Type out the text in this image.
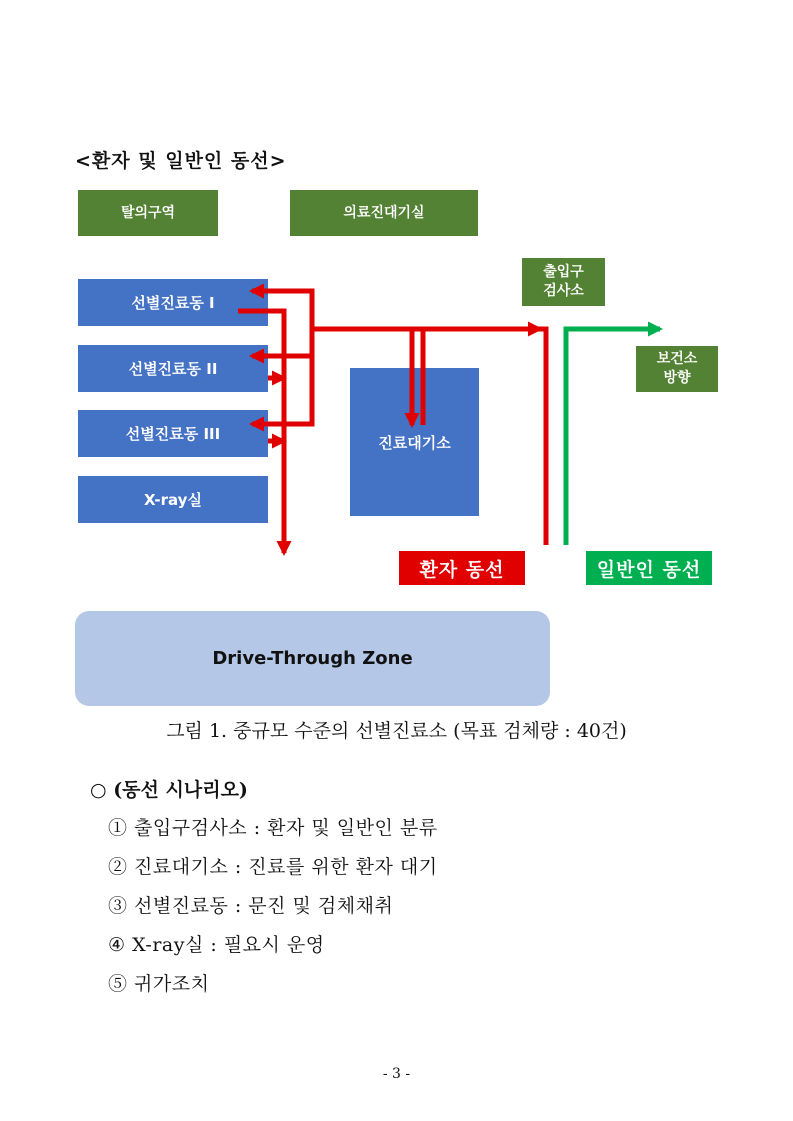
<환자 및 일반인 동선>
탈의구역	의료진대기실
출입구
검사소
보건소
방향
선별진료동 I
선별진료동 II
선별진료동 III
X-ray실
진료대기소
환자 동선	일반인 동선
Drive-Through Zone
그림 1. 중규모 수준의 선별진료소 (목표 검체량 : 40건)
○ (동선 시나리오)
① 출입구검사소 : 환자 및 일반인 분류
② 진료대기소 : 진료를 위한 환자 대기
③ 선별진료동 : 문진 및 검체채취
④ X-ray실 : 필요시 운영
⑤ 귀가조치
- 3 -
